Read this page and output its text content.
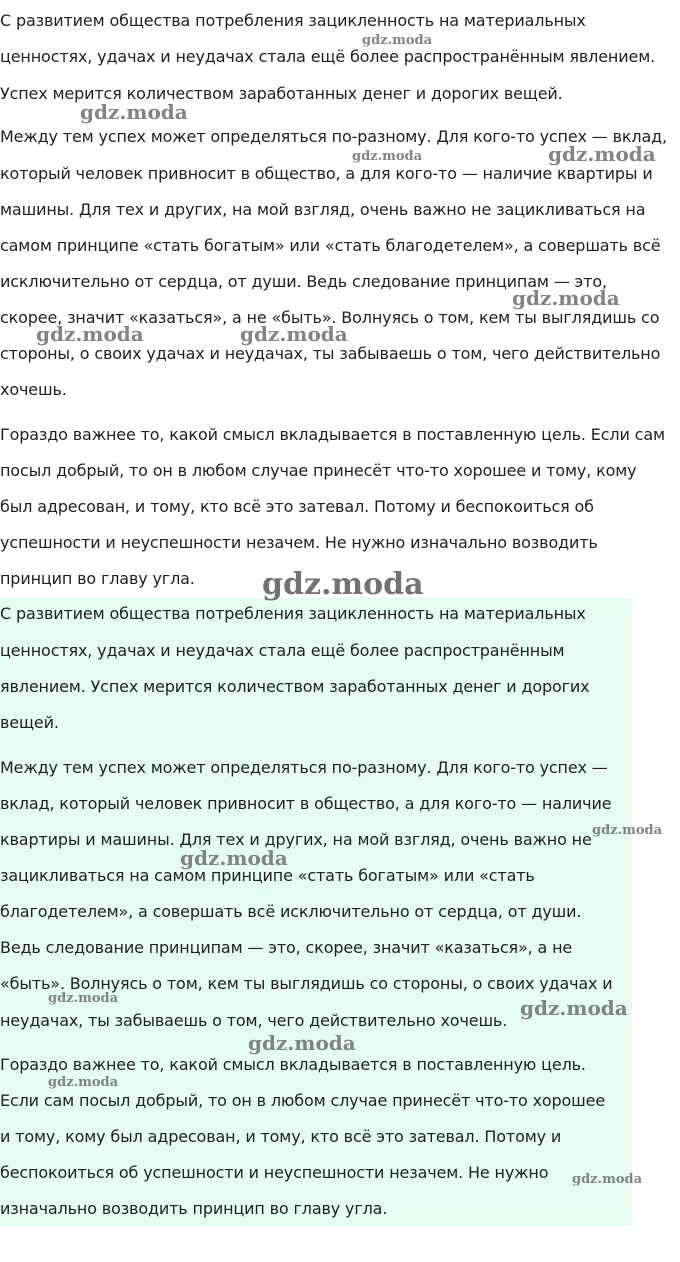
С развитием общества потребления зацикленность на материальных
ценностях, удачах и неудачах стала ещё более распространённым явлением.
Успех мерится количеством заработанных денег и дорогих вещей.
Между тем успех может определяться по-разному. Для кого-то успех — вклад,
который человек привносит в общество, а для кого-то — наличие квартиры и
машины. Для тех и других, на мой взгляд, очень важно не зацикливаться на
самом принципе «стать богатым» или «стать благодетелем», а совершать всё
исключительно от сердца, от души. Ведь следование принципам — это,
скорее, значит «казаться», а не «быть». Волнуясь о том, кем ты выглядишь со
стороны, о своих удачах и неудачах, ты забываешь о том, чего действительно
хочешь.
Гораздо важнее то, какой смысл вкладывается в поставленную цель. Если сам
посыл добрый, то он в любом случае принесёт что-то хорошее и тому, кому
был адресован, и тому, кто всё это затевал. Потому и беспокоиться об
успешности и неуспешности незачем. Не нужно изначально возводить
принцип во главу угла.
С развитием общества потребления зацикленность на материальных
ценностях, удачах и неудачах стала ещё более распространённым
явлением. Успех мерится количеством заработанных денег и дорогих
вещей.
Между тем успех может определяться по-разному. Для кого-то успех —
вклад, который человек привносит в общество, а для кого-то — наличие
квартиры и машины. Для тех и других, на мой взгляд, очень важно не
зацикливаться на самом принципе «стать богатым» или «стать
благодетелем», а совершать всё исключительно от сердца, от души.
Ведь следование принципам — это, скорее, значит «казаться», а не
«быть». Волнуясь о том, кем ты выглядишь со стороны, о своих удачах и
неудачах, ты забываешь о том, чего действительно хочешь.
Гораздо важнее то, какой смысл вкладывается в поставленную цель.
Если сам посыл добрый, то он в любом случае принесёт что-то хорошее
и тому, кому был адресован, и тому, кто всё это затевал. Потому и
беспокоиться об успешности и неуспешности незачем. Не нужно
изначально возводить принцип во главу угла.
gdz.moda
gdz.moda
gdz.moda	gdz.moda
gdz.moda
gdz.moda	gdz.moda
gdz.moda
gdz.moda
gdz.moda
gdz.moda	gdz.moda
gdz.moda
gdz.moda
gdz.moda
